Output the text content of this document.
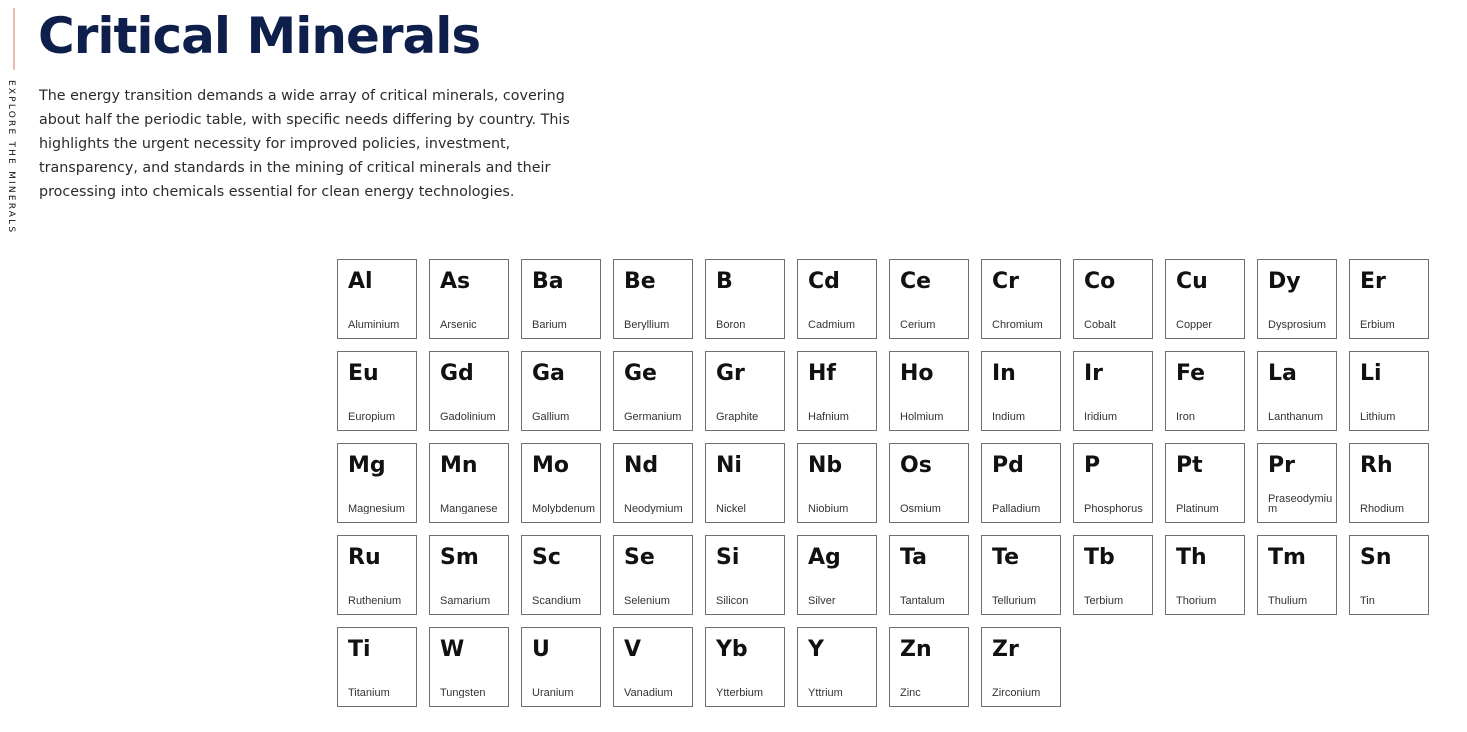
EXPLORE THE MINERALS
Critical Minerals

The energy transition demands a wide array of critical minerals, covering about half the periodic table, with specific needs differing by country. This highlights the urgent necessity for improved policies, investment, transparency, and standards in the mining of critical minerals and their processing into chemicals essential for clean energy technologies.

Al
Aluminium
As
Arsenic
Ba
Barium
Be
Beryllium
B
Boron
Cd
Cadmium
Ce
Cerium
Cr
Chromium
Co
Cobalt
Cu
Copper
Dy
Dysprosium
Er
Erbium
Eu
Europium
Gd
Gadolinium
Ga
Gallium
Ge
Germanium
Gr
Graphite
Hf
Hafnium
Ho
Holmium
In
Indium
Ir
Iridium
Fe
Iron
La
Lanthanum
Li
Lithium
Mg
Magnesium
Mn
Manganese
Mo
Molybdenum
Nd
Neodymium
Ni
Nickel
Nb
Niobium
Os
Osmium
Pd
Palladium
P
Phosphorus
Pt
Platinum
Pr
Praseodymium
Rh
Rhodium
Ru
Ruthenium
Sm
Samarium
Sc
Scandium
Se
Selenium
Si
Silicon
Ag
Silver
Ta
Tantalum
Te
Tellurium
Tb
Terbium
Th
Thorium
Tm
Thulium
Sn
Tin
Ti
Titanium
W
Tungsten
U
Uranium
V
Vanadium
Yb
Ytterbium
Y
Yttrium
Zn
Zinc
Zr
Zirconium
